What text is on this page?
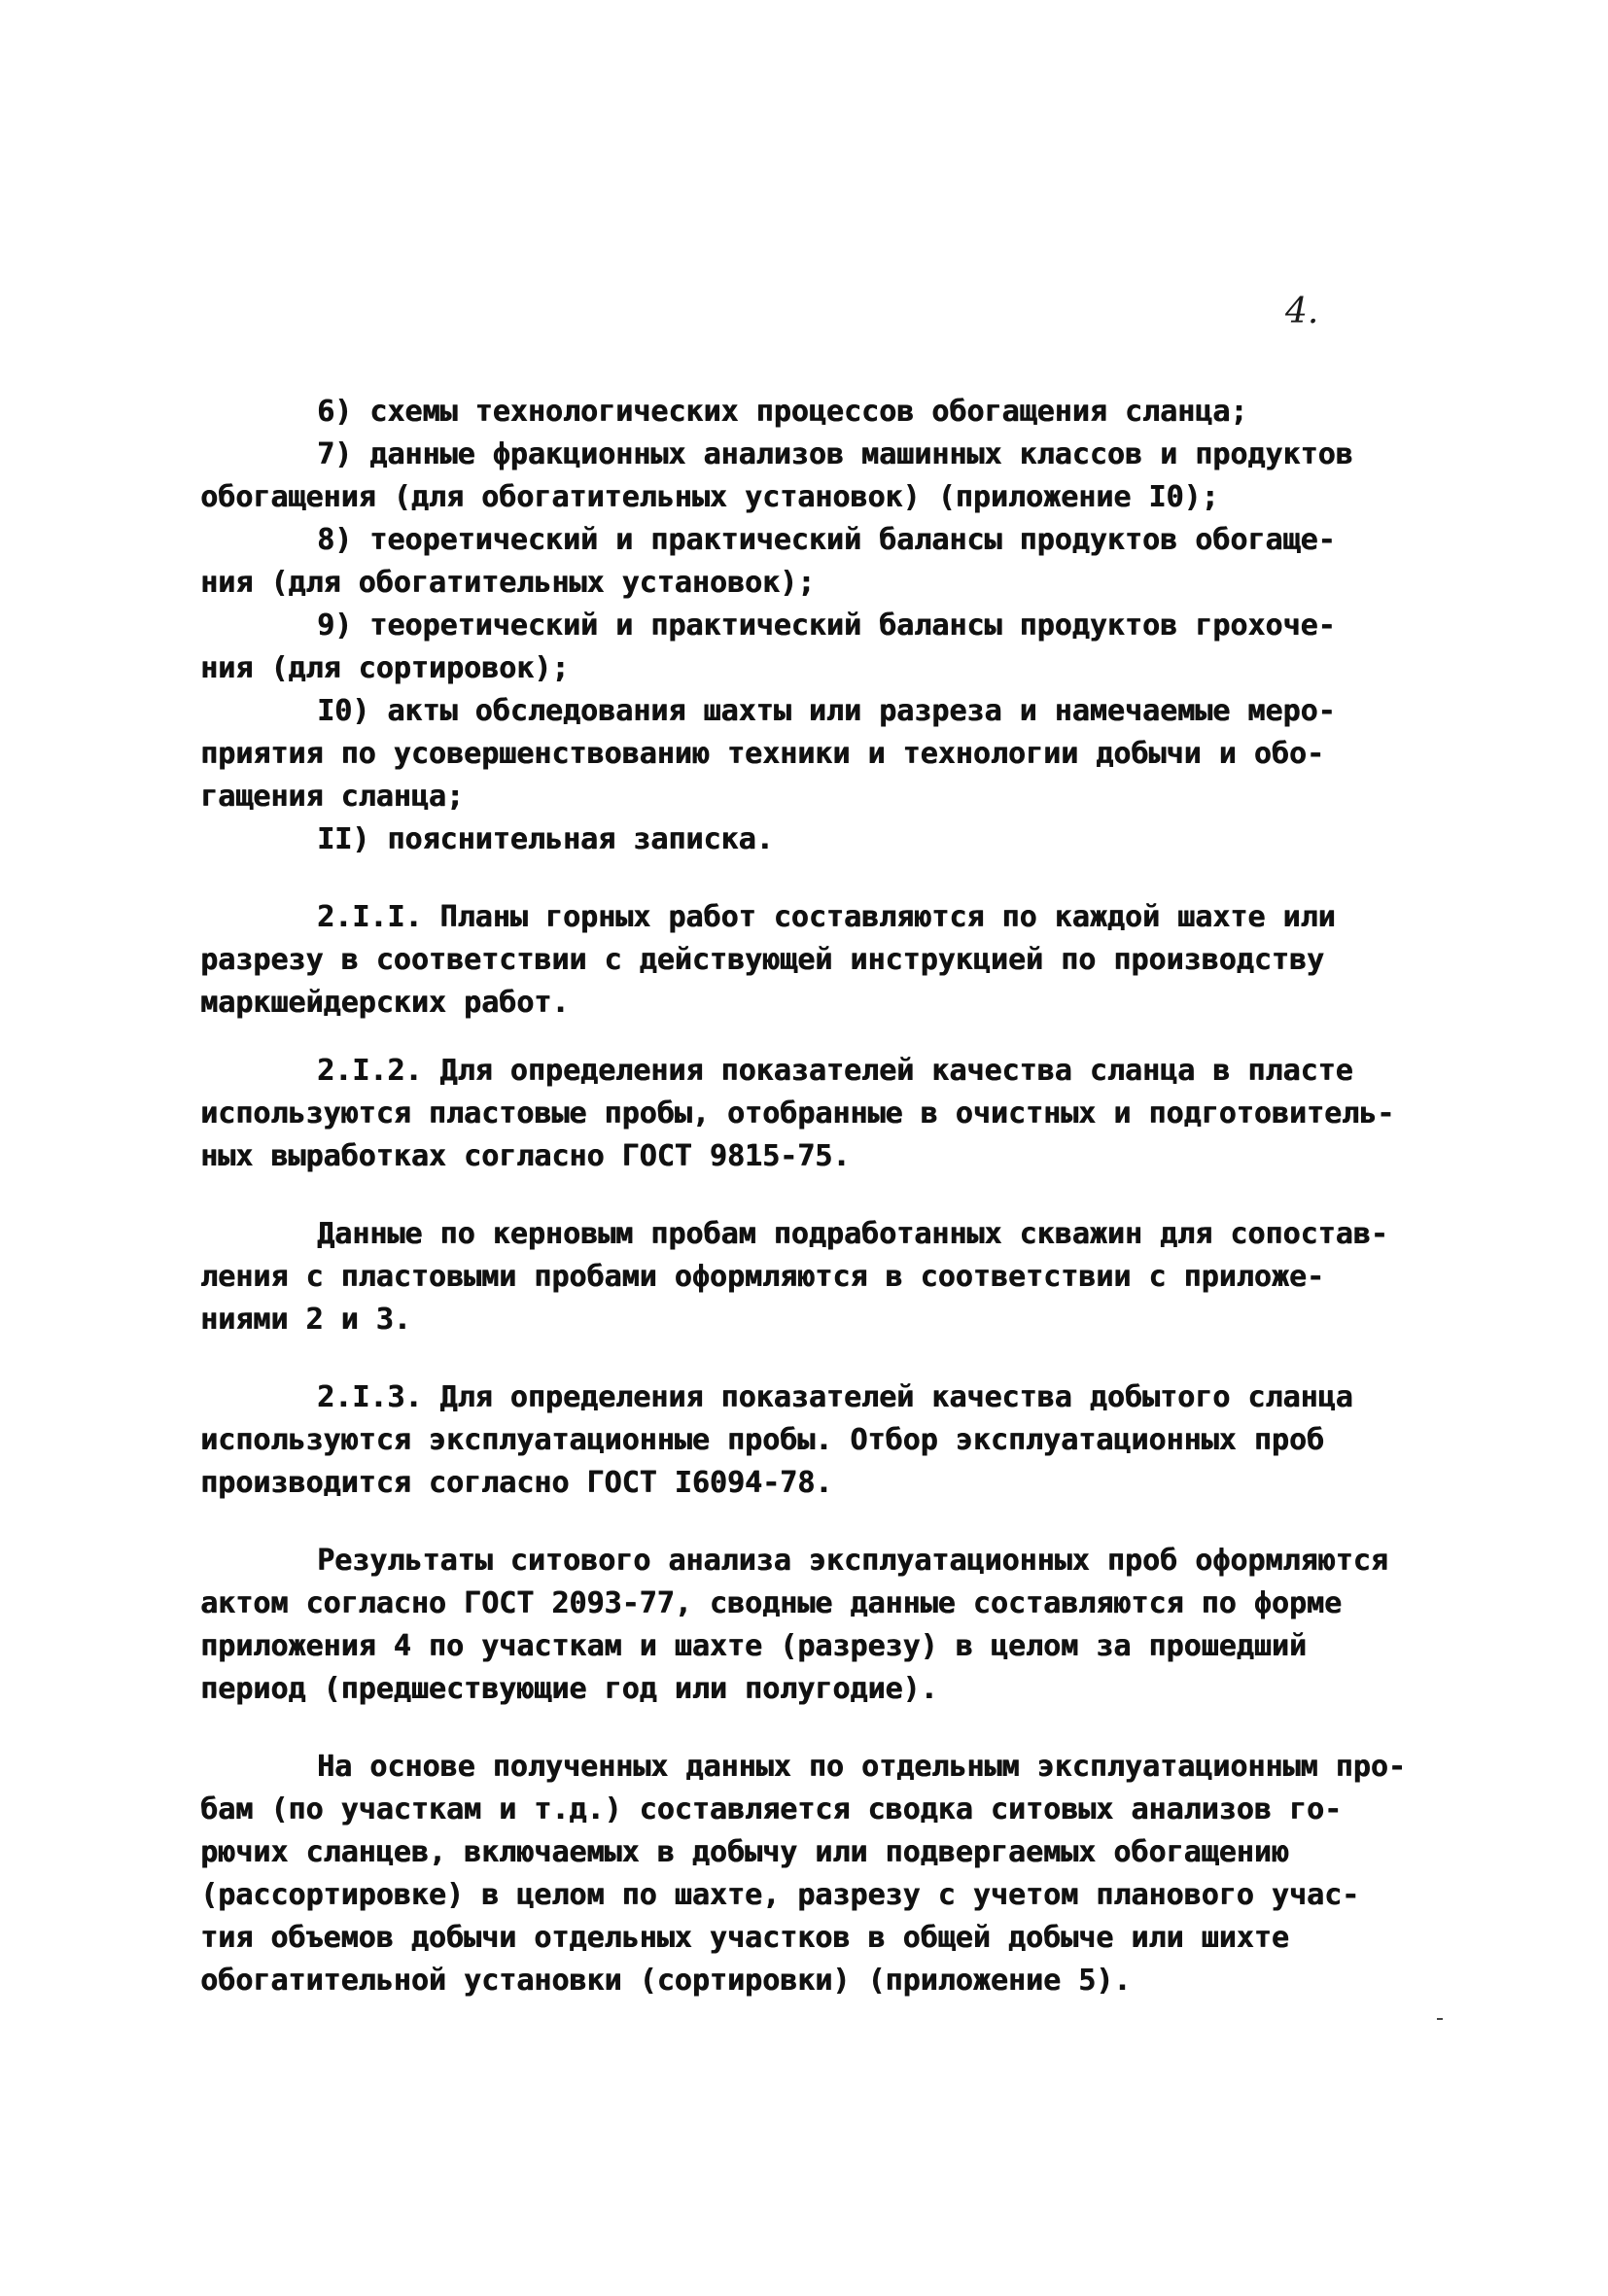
4.
6) схемы технологических процессов обогащения сланца;
7) данные фракционных анализов машинных классов и продуктов
обогащения (для обогатительных установок) (приложение I0);
8) теоретический и практический балансы продуктов обогаще-
ния (для обогатительных установок);
9) теоретический и практический балансы продуктов грохоче-
ния (для сортировок);
I0) акты обследования шахты или разреза и намечаемые меро-
приятия по усовершенствованию техники и технологии добычи и обо-
гащения сланца;
II) пояснительная записка.
2.I.I. Планы горных работ составляются по каждой шахте или
разрезу в соответствии с действующей инструкцией по производству
маркшейдерских работ.
2.I.2. Для определения показателей качества сланца в пласте
используются пластовые пробы, отобранные в очистных и подготовитель-
ных выработках согласно ГОСТ 9815-75.
Данные по керновым пробам подработанных скважин для сопостав-
ления с пластовыми пробами оформляются в соответствии с приложе-
ниями 2 и 3.
2.I.3. Для определения показателей качества добытого сланца
используются эксплуатационные пробы. Отбор эксплуатационных проб
производится согласно ГОСТ I6094-78.
Результаты ситового анализа эксплуатационных проб оформляются
актом согласно ГОСТ 2093-77, сводные данные составляются по форме
приложения 4 по участкам и шахте (разрезу) в целом за прошедший
период (предшествующие год или полугодие).
На основе полученных данных по отдельным эксплуатационным про-
бам (по участкам и т.д.) составляется сводка ситовых анализов го-
рючих сланцев, включаемых в добычу или подвергаемых обогащению
(рассортировке) в целом по шахте, разрезу с учетом планового учас-
тия объемов добычи отдельных участков в общей добыче или шихте
обогатительной установки (сортировки) (приложение 5).
